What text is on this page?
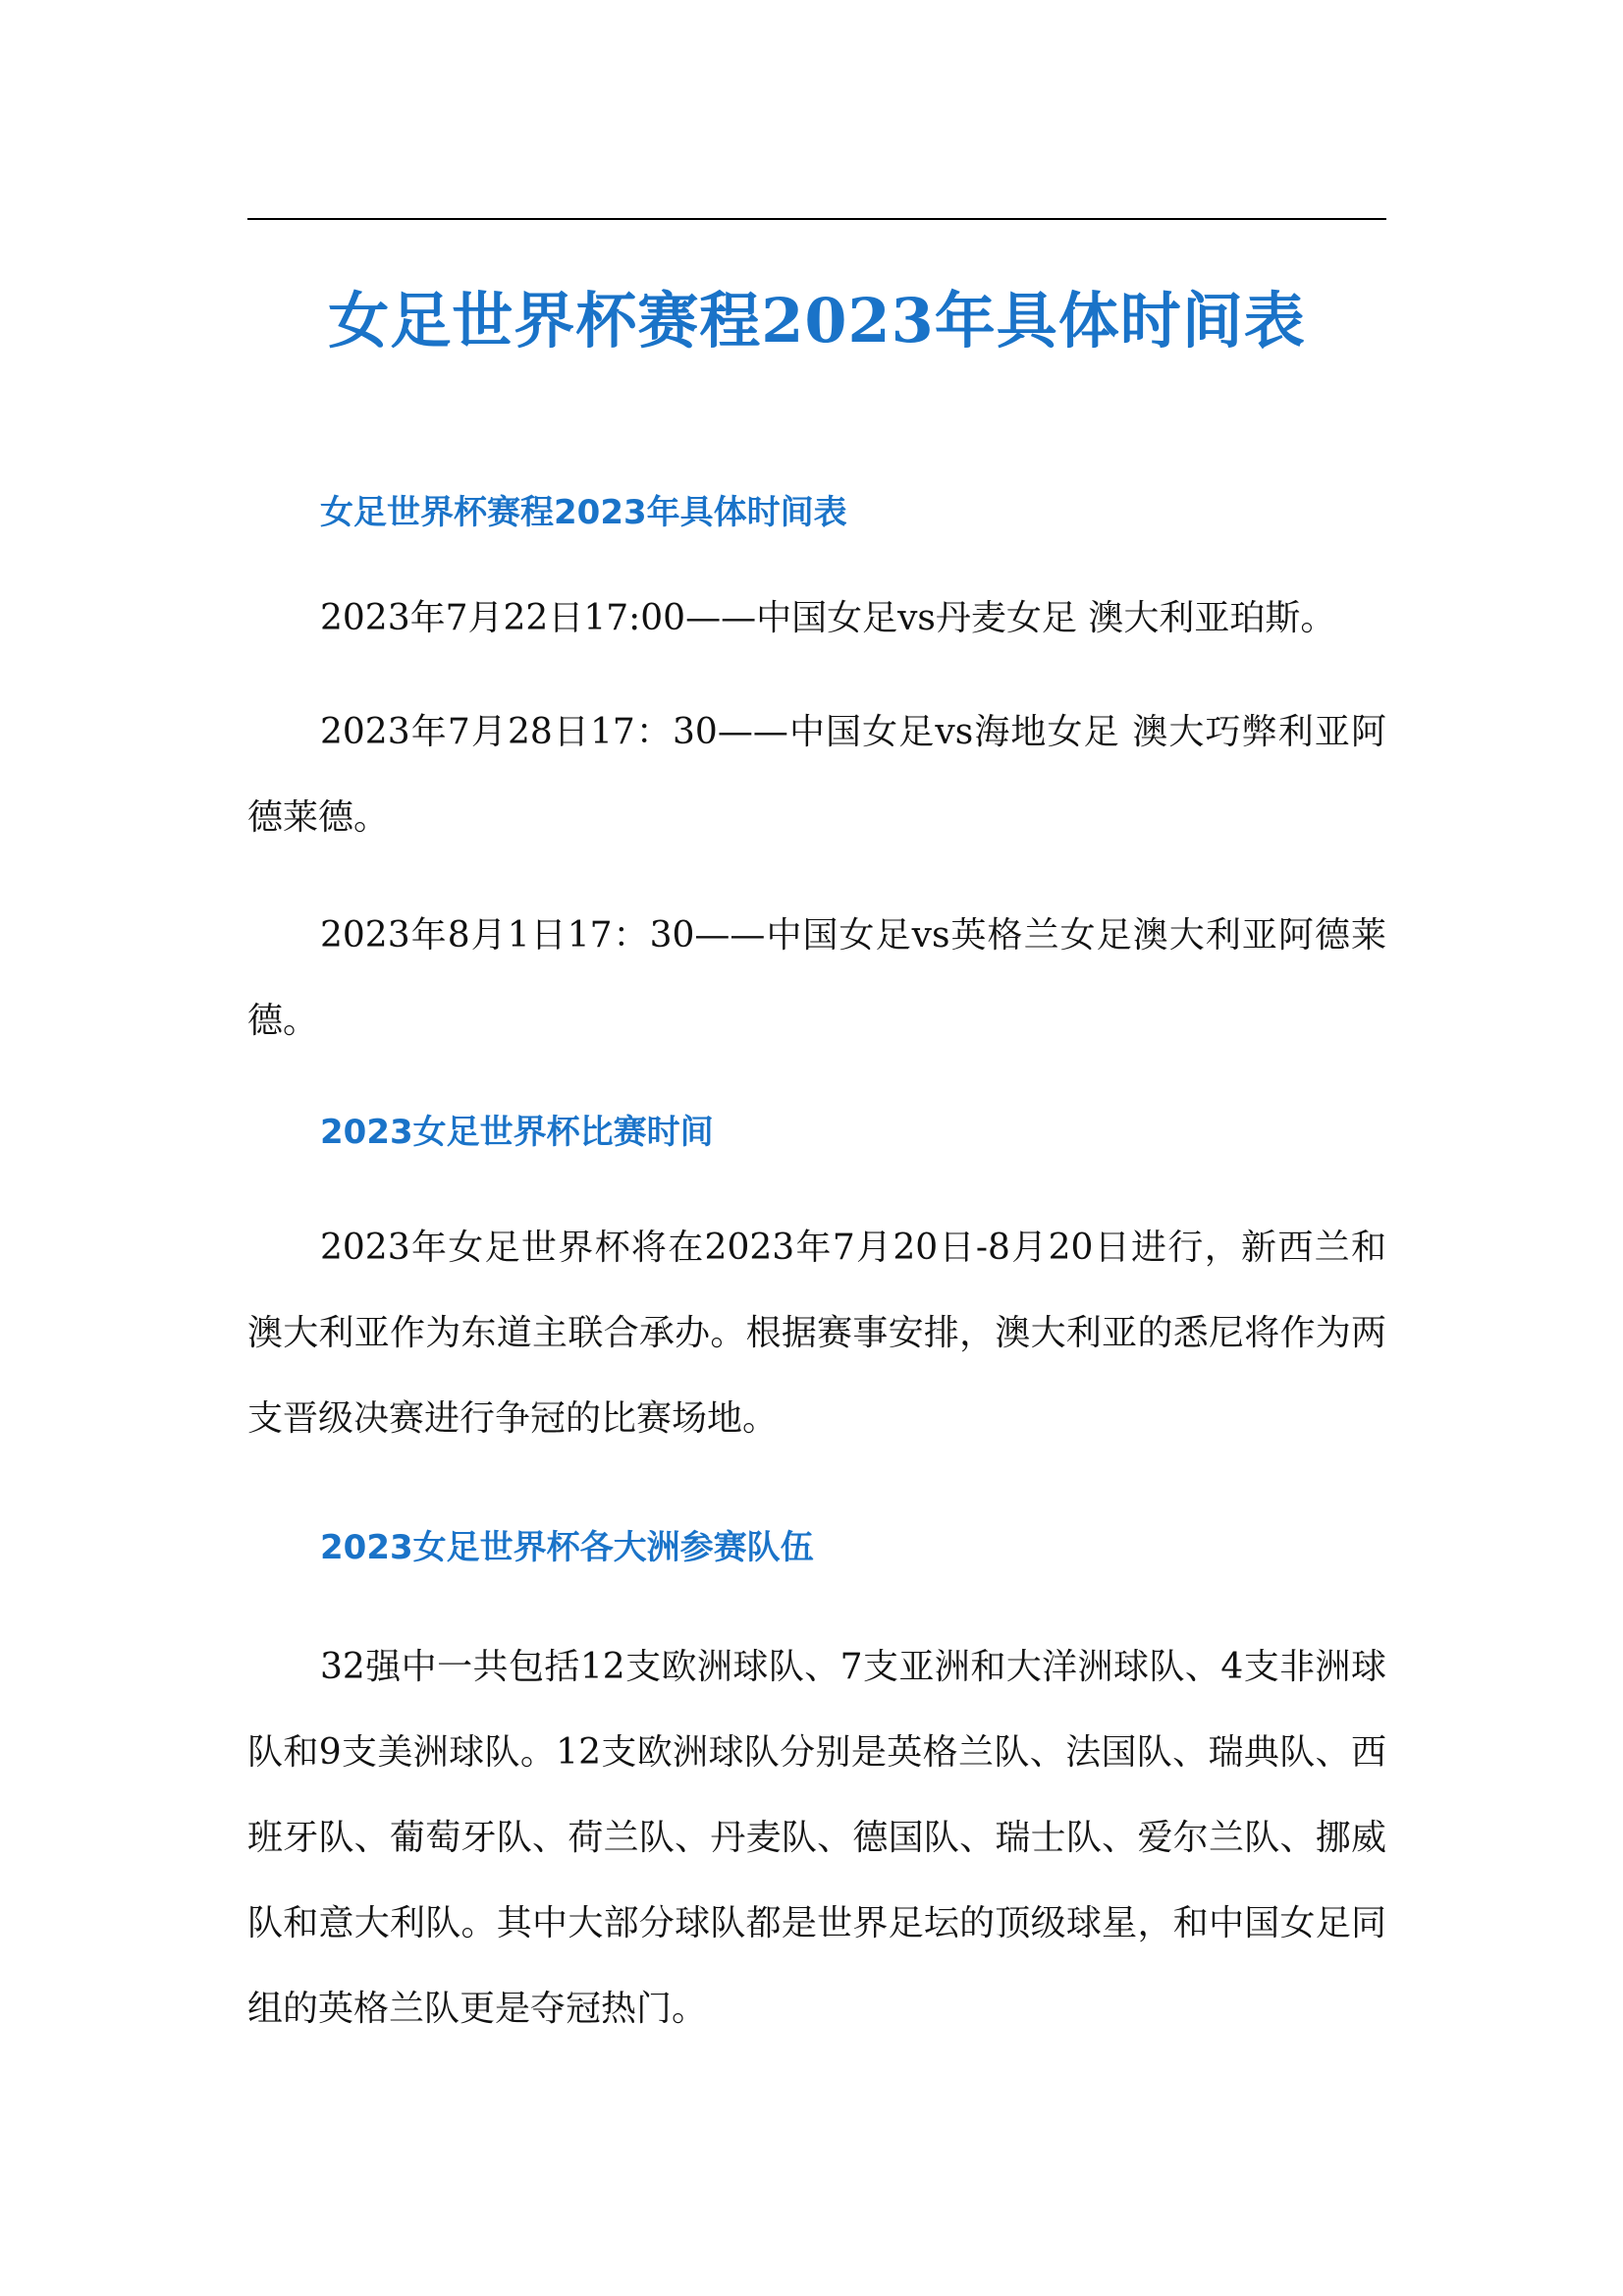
女足世界杯赛程2023年具体时间表

女足世界杯赛程2023年具体时间表

2023年7月22日17:00——中国女足vs丹麦女足 澳大利亚珀斯。

2023年7月28日17：30——中国女足vs海地女足 澳大巧弊利亚阿德莱德。

2023年8月1日17：30——中国女足vs英格兰女足澳大利亚阿德莱德。

2023女足世界杯比赛时间

2023年女足世界杯将在2023年7月20日-8月20日进行，新西兰和澳大利亚作为东道主联合承办。根据赛事安排，澳大利亚的悉尼将作为两支晋级决赛进行争冠的比赛场地。

2023女足世界杯各大洲参赛队伍

32强中一共包括12支欧洲球队、7支亚洲和大洋洲球队、4支非洲球队和9支美洲球队。12支欧洲球队分别是英格兰队、法国队、瑞典队、西班牙队、葡萄牙队、荷兰队、丹麦队、德国队、瑞士队、爱尔兰队、挪威队和意大利队。其中大部分球队都是世界足坛的顶级球星，和中国女足同组的英格兰队更是夺冠热门。
